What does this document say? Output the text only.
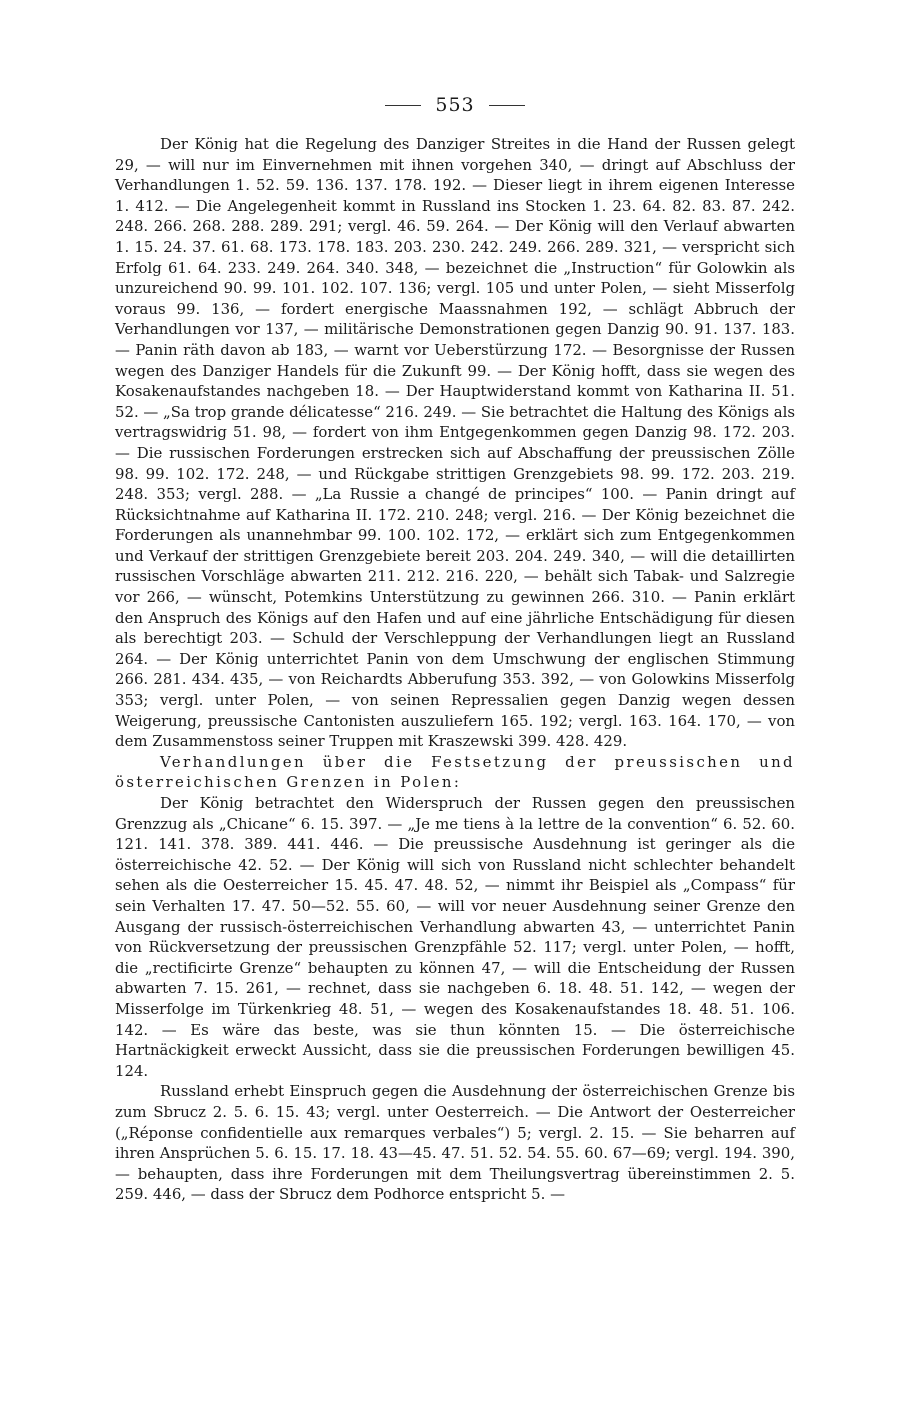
553

Der König hat die Regelung des Danziger Streites in die Hand der Russen gelegt 29, — will nur im Einvernehmen mit ihnen vorgehen 340, — dringt auf Abschluss der Verhandlungen 1. 52. 59. 136. 137. 178. 192. — Dieser liegt in ihrem eigenen Interesse 1. 412. — Die Angelegenheit kommt in Russland ins Stocken 1. 23. 64. 82. 83. 87. 242. 248. 266. 268. 288. 289. 291; vergl. 46. 59. 264. — Der König will den Verlauf abwarten 1. 15. 24. 37. 61. 68. 173. 178. 183. 203. 230. 242. 249. 266. 289. 321, — verspricht sich Erfolg 61. 64. 233. 249. 264. 340. 348, — bezeichnet die „Instruction“ für Golowkin als unzureichend 90. 99. 101. 102. 107. 136; vergl. 105 und unter Polen, — sieht Misserfolg voraus 99. 136, — fordert energische Maassnahmen 192, — schlägt Abbruch der Verhandlungen vor 137, — militärische Demonstrationen gegen Danzig 90. 91. 137. 183. — Panin räth davon ab 183, — warnt vor Ueberstürzung 172. — Besorgnisse der Russen wegen des Danziger Handels für die Zukunft 99. — Der König hofft, dass sie wegen des Kosakenaufstandes nachgeben 18. — Der Hauptwiderstand kommt von Katharina II. 51. 52. — „Sa trop grande délicatesse“ 216. 249. — Sie betrachtet die Haltung des Königs als vertragswidrig 51. 98, — fordert von ihm Entgegenkommen gegen Danzig 98. 172. 203. — Die russischen Forderungen erstrecken sich auf Abschaffung der preussischen Zölle 98. 99. 102. 172. 248, — und Rückgabe strittigen Grenzgebiets 98. 99. 172. 203. 219. 248. 353; vergl. 288. — „La Russie a changé de principes“ 100. — Panin dringt auf Rücksichtnahme auf Katharina II. 172. 210. 248; vergl. 216. — Der König bezeichnet die Forderungen als unannehmbar 99. 100. 102. 172, — erklärt sich zum Entgegenkommen und Verkauf der strittigen Grenzgebiete bereit 203. 204. 249. 340, — will die detaillirten russischen Vorschläge abwarten 211. 212. 216. 220, — behält sich Tabak- und Salzregie vor 266, — wünscht, Potemkins Unterstützung zu gewinnen 266. 310. — Panin erklärt den Anspruch des Königs auf den Hafen und auf eine jährliche Entschädigung für diesen als berechtigt 203. — Schuld der Verschleppung der Verhandlungen liegt an Russland 264. — Der König unterrichtet Panin von dem Umschwung der englischen Stimmung 266. 281. 434. 435, — von Reichardts Abberufung 353. 392, — von Golowkins Misserfolg 353; vergl. unter Polen, — von seinen Repressalien gegen Danzig wegen dessen Weigerung, preussische Cantonisten auszuliefern 165. 192; vergl. 163. 164. 170, — von dem Zusammenstoss seiner Truppen mit Kraszewski 399. 428. 429.

Verhandlungen über die Festsetzung der preussischen und österreichischen Grenzen in Polen:

Der König betrachtet den Widerspruch der Russen gegen den preussischen Grenzzug als „Chicane“ 6. 15. 397. — „Je me tiens à la lettre de la convention“ 6. 52. 60. 121. 141. 378. 389. 441. 446. — Die preussische Ausdehnung ist geringer als die österreichische 42. 52. — Der König will sich von Russland nicht schlechter behandelt sehen als die Oesterreicher 15. 45. 47. 48. 52, — nimmt ihr Beispiel als „Compass“ für sein Verhalten 17. 47. 50—52. 55. 60, — will vor neuer Ausdehnung seiner Grenze den Ausgang der russisch-österreichischen Verhandlung abwarten 43, — unterrichtet Panin von Rückversetzung der preussischen Grenzpfähle 52. 117; vergl. unter Polen, — hofft, die „rectificirte Grenze“ behaupten zu können 47, — will die Entscheidung der Russen abwarten 7. 15. 261, — rechnet, dass sie nachgeben 6. 18. 48. 51. 142, — wegen der Misserfolge im Türkenkrieg 48. 51, — wegen des Kosakenaufstandes 18. 48. 51. 106. 142. — Es wäre das beste, was sie thun könnten 15. — Die österreichische Hartnäckigkeit erweckt Aussicht, dass sie die preussischen Forderungen bewilligen 45. 124.

Russland erhebt Einspruch gegen die Ausdehnung der österreichischen Grenze bis zum Sbrucz 2. 5. 6. 15. 43; vergl. unter Oesterreich. — Die Antwort der Oesterreicher („Réponse confidentielle aux remarques verbales“) 5; vergl. 2. 15. — Sie beharren auf ihren Ansprüchen 5. 6. 15. 17. 18. 43—45. 47. 51. 52. 54. 55. 60. 67—69; vergl. 194. 390, — behaupten, dass ihre Forderungen mit dem Theilungsvertrag übereinstimmen 2. 5. 259. 446, — dass der Sbrucz dem Podhorce entspricht 5. —
